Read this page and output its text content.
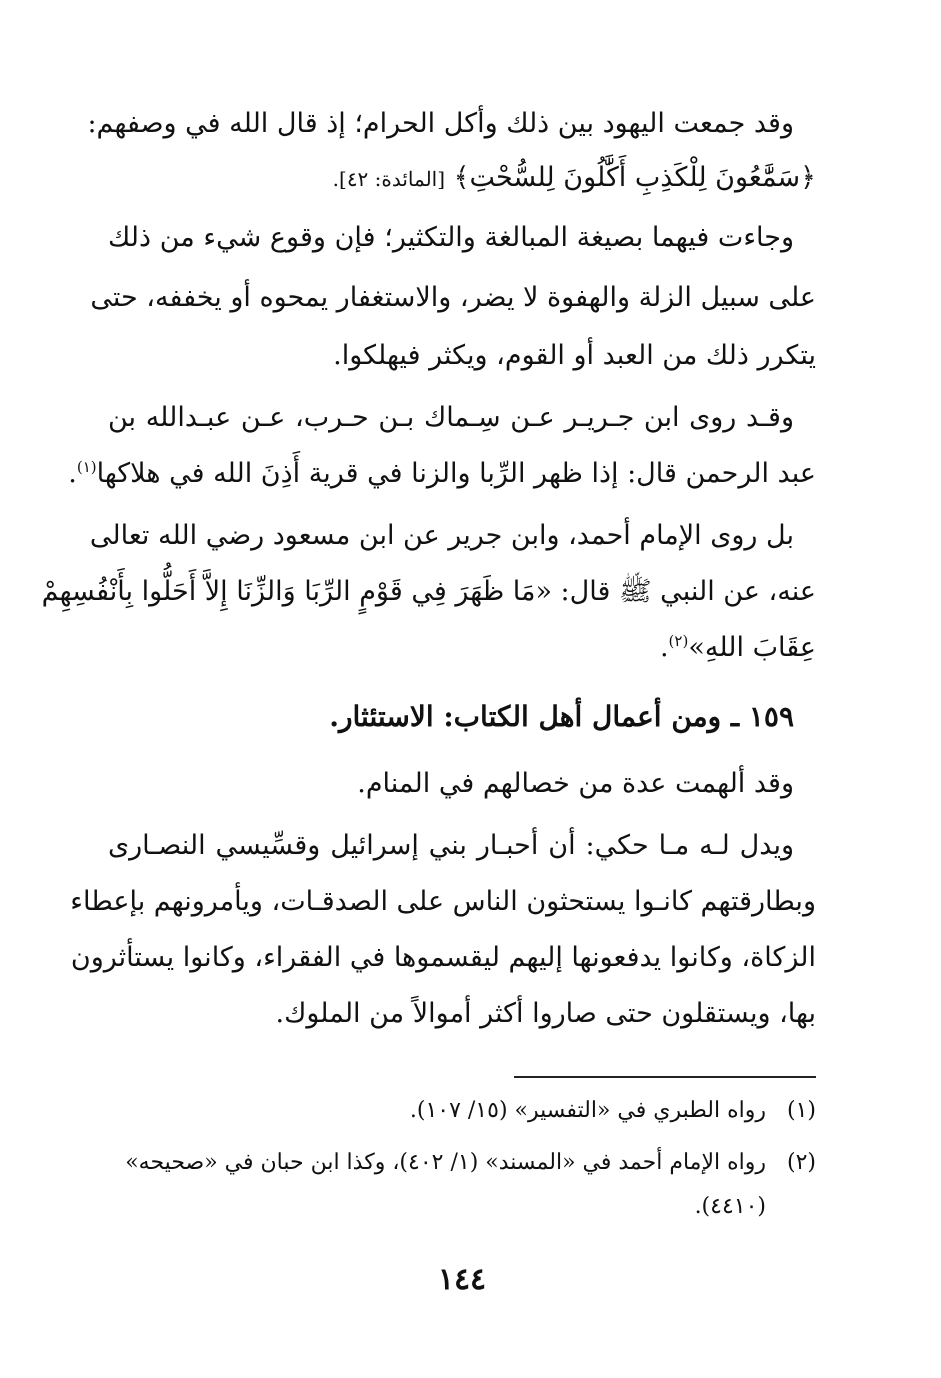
وقد جمعت اليهود بين ذلك وأكل الحرام؛ إذ قال الله في وصفهم:
﴿سَمَّٰعُونَ لِلْكَذِبِ أَكَّٰلُونَ لِلسُّحْتِ﴾ [المائدة: ٤٢].
وجاءت فيهما بصيغة المبالغة والتكثير؛ فإن وقوع شيء من ذلك
على سبيل الزلة والهفوة لا يضر، والاستغفار يمحوه أو يخففه، حتى
يتكرر ذلك من العبد أو القوم، ويكثر فيهلكوا.
وقـد روى ابن جـريـر عـن سِـماك بـن حـرب، عـن عبـدالله بن
عبد الرحمن قال: إذا ظهر الرِّبا والزنا في قرية أَذِنَ الله في هلاكها$^{(١)}$.
بل روى الإمام أحمد، وابن جرير عن ابن مسعود رضي الله تعالى
عنه، عن النبي ﷺ قال: «مَا ظَهَرَ فِي قَوْمٍ الرِّبَا وَالزِّنَا إِلاَّ أَحَلُّوا بِأَنْفُسِهِمْ
عِقَابَ اللهِ»$^{(٢)}$.
١٥٩ ـ ومن أعمال أهل الكتاب: الاستئثار.
وقد ألهمت عدة من خصالهم في المنام.
ويدل لـه مـا حكي: أن أحبـار بني إسرائيل وقسِّيسي النصـارى
وبطارقتهم كانـوا يستحثون الناس على الصدقـات، ويأمرونهم بإعطاء
الزكاة، وكانوا يدفعونها إليهم ليقسموها في الفقراء، وكانوا يستأثرون
بها، ويستقلون حتى صاروا أكثر أموالاً من الملوك.
(١)رواه الطبري في «التفسير» (١٥/ ١٠٧).
(٢)رواه الإمام أحمد في «المسند» (١/ ٤٠٢)، وكذا ابن حبان في «صحيحه»
(٤٤١٠).
١٤٤
